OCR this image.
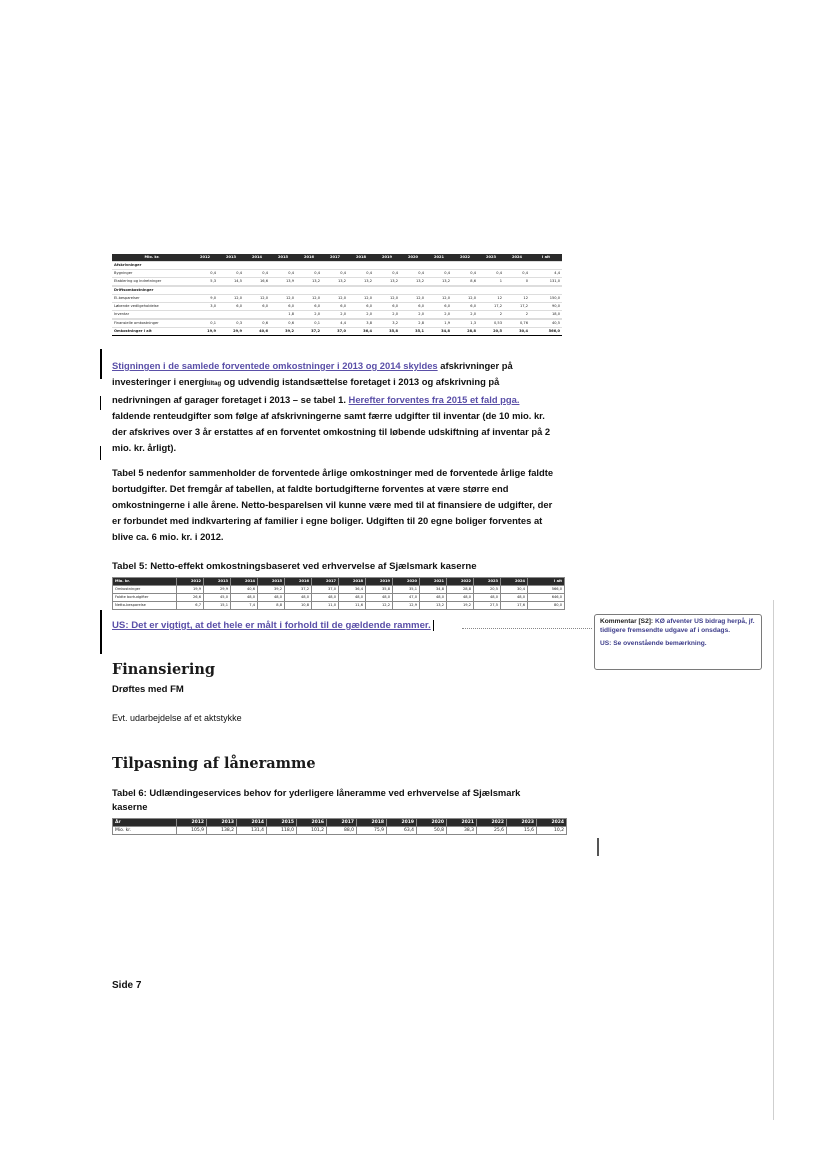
Mio. kr.	2012	2013	2014	2015	2016	2017	2018	2019	2020	2021	2022	2023	2024	I alt
Afskrivninger														
Bygninger	0,4	0,4	0,4	0,4	0,4	0,4	0,4	0,4	0,4	0,4	0,4	0,4	0,4	4,4
Etablering og indretninger	5,3	14,5	16,6	13,9	13,2	13,2	13,2	13,2	13,2	13,2	8,6	1	0	131,0

Driftsomkostninger														
El-besparelser	9,0	12,0	12,0	12,0	12,0	12,0	12,0	12,0	12,0	12,0	12,0	12	12	150,0
Løbende vedligeholdelse	3,0	6,0	6,0	6,0	6,0	6,0	6,0	6,0	6,0	6,0	6,0	17,2	17,2	90,0
Inventar				1,8	2,0	2,0	2,0	2,0	2,0	2,0	2,0	2	2	18,0

Finansielle omkostninger	0,1	0,3	0,6	0,6	0,1	4,4	3,8	3,2	2,8	1,9	1,3	0,53	0,76	40,5
Omkostninger i alt	19,9	29,9	40,6	39,2	37,2	37,0	36,4	35,8	35,1	34,8	28,8	20,5	30,4	566,0
Stigningen i de samlede forventede omkostninger i 2013 og 2014 skyldes afskrivninger på investeringer i energitiltag og udvendig istandsættelse foretaget i 2013 og afskrivning på nedrivningen af garager foretaget i 2013 – se tabel 1. Herefter forventes fra 2015 et fald pga. faldende renteudgifter som følge af afskrivningerne samt færre udgifter til inventar (de 10 mio. kr. der afskrives over 3 år erstattes af en forventet omkostning til løbende udskiftning af inventar på 2 mio. kr. årligt).
Tabel 5 nedenfor sammenholder de forventede årlige omkostninger med de forventede årlige faldte bortudgifter. Det fremgår af tabellen, at faldte bortudgifterne forventes at være større end omkostningerne i alle årene. Netto-besparelsen vil kunne være med til at finansiere de udgifter, der er forbundet med indkvartering af familier i egne boliger. Udgiften til 20 egne boliger forventes at blive ca. 6 mio. kr. i 2012.
Tabel 5: Netto-effekt omkostningsbaseret ved erhvervelse af Sjælsmark kaserne
Mio. kr.	2012	2013	2014	2015	2016	2017	2018	2019	2020	2021	2022	2023	2024	I alt
Omkostninger	19,9	29,9	40,6	39,2	37,2	37,0	36,4	35,8	35,1	34,8	28,8	20,5	30,4	566,0
Faldte bortudgifter	26,6	45,0	48,0	48,0	48,0	48,0	48,0	48,0	47,0	48,0	48,0	48,0	48,0	646,0
Netto-besparelse	6,7	15,1	7,4	8,8	10,8	11,0	11,6	12,2	12,9	13,2	19,2	27,5	17,6	80,0
US: Det er vigtigt, at det hele er målt i forhold til de gældende rammer.	Kommentar [S2]: KØ afventer US bidrag herpå, jf. tidligere fremsendte udgave af i onsdags.
US: Se ovenstående bemærkning.
Finansiering
Drøftes med FM
Evt. udarbejdelse af et aktstykke
Tilpasning af låneramme
Tabel 6: Udlændingeservices behov for yderligere låneramme ved erhvervelse af Sjælsmark kaserne
År	2012	2013	2014	2015	2016	2017	2018	2019	2020	2021	2022	2023	2024
Mio. kr.	105,9	138,2	131,4	118,0	101,2	88,0	75,9	63,4	50,8	38,3	25,6	15,6	10,2
Side 7
